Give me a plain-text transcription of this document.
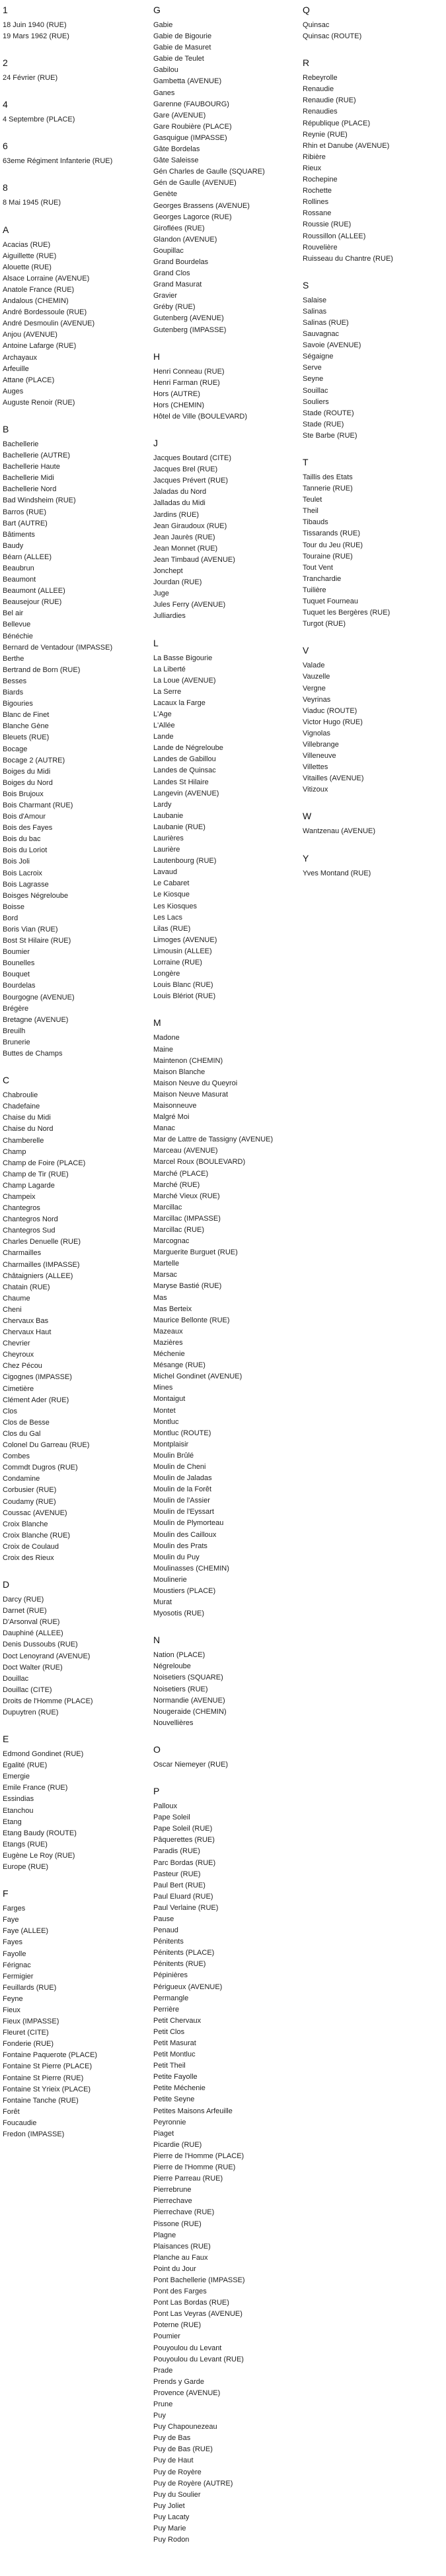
1
18 Juin 1940 (RUE)
19 Mars 1962 (RUE)
2
24 Février (RUE)
4
4 Septembre (PLACE)
6
63eme Régiment Infanterie (RUE)
8
8 Mai 1945 (RUE)
A
Acacias (RUE)
Aiguillette (RUE)
Alouette (RUE)
Alsace Lorraine (AVENUE)
Anatole France (RUE)
Andalous (CHEMIN)
André Bordessoule (RUE)
André Desmoulin (AVENUE)
Anjou (AVENUE)
Antoine Lafarge (RUE)
Archayaux
Arfeuille
Attane (PLACE)
Auges
Auguste Renoir (RUE)
B
Bachellerie
Bachellerie (AUTRE)
Bachellerie Haute
Bachellerie Midi
Bachellerie Nord
Bad Windsheim (RUE)
Barros (RUE)
Bart (AUTRE)
Bâtiments
Baudy
Béarn (ALLEE)
Beaubrun
Beaumont
Beaumont (ALLEE)
Beausejour (RUE)
Bel air
Bellevue
Bénéchie
Bernard de Ventadour (IMPASSE)
Berthe
Bertrand de Born (RUE)
Besses
Biards
Bigouries
Blanc de Finet
Blanche Gène
Bleuets (RUE)
Bocage
Bocage 2 (AUTRE)
Boiges du Midi
Boiges du Nord
Bois Brujoux
Bois Charmant (RUE)
Bois d'Amour
Bois des Fayes
Bois du bac
Bois du Loriot
Bois Joli
Bois Lacroix
Bois Lagrasse
Boisges Négreloube
Boisse
Bord
Boris Vian (RUE)
Bost St Hilaire (RUE)
Boumier
Bounelles
Bouquet
Bourdelas
Bourgogne (AVENUE)
Brégère
Bretagne (AVENUE)
Breuilh
Brunerie
Buttes de Champs
C
Chabroulie
Chadefaine
Chaise du Midi
Chaise du Nord
Chamberelle
Champ
Champ de Foire (PLACE)
Champ de Tir (RUE)
Champ Lagarde
Champeix
Chantegros
Chantegros Nord
Chantegros Sud
Charles Denuelle (RUE)
Charmailles
Charmailles (IMPASSE)
Châtaigniers (ALLEE)
Chatain (RUE)
Chaume
Cheni
Chervaux Bas
Chervaux Haut
Chevrier
Cheyroux
Chez Pécou
Cigognes (IMPASSE)
Cimetière
Clément Ader (RUE)
Clos
Clos de Besse
Clos du Gal
Colonel Du Garreau (RUE)
Combes
Commdt Dugros (RUE)
Condamine
Corbusier (RUE)
Coudamy (RUE)
Coussac (AVENUE)
Croix Blanche
Croix Blanche (RUE)
Croix de Coulaud
Croix des Rieux
D
Darcy (RUE)
Darnet (RUE)
D'Arsonval (RUE)
Dauphiné (ALLEE)
Denis Dussoubs (RUE)
Doct Lenoyrand (AVENUE)
Doct Walter (RUE)
Douillac
Douillac (CITE)
Droits de l'Homme (PLACE)
Dupuytren (RUE)
E
Edmond Gondinet (RUE)
Egalité (RUE)
Emergie
Emile France (RUE)
Essindias
Etanchou
Etang
Etang Baudy (ROUTE)
Etangs (RUE)
Eugène Le Roy (RUE)
Europe (RUE)
F
Farges
Faye
Faye (ALLEE)
Fayes
Fayolle
Férignac
Fermigier
Feuillards (RUE)
Feyne
Fieux
Fieux (IMPASSE)
Fleuret (CITE)
Fonderie (RUE)
Fontaine Paquerote (PLACE)
Fontaine St Pierre (PLACE)
Fontaine St Pierre (RUE)
Fontaine St Yrieix (PLACE)
Fontaine Tanche (RUE)
Forêt
Foucaudie
Fredon (IMPASSE)
G
Gabie
Gabie de Bigourie
Gabie de Masuret
Gabie de Teulet
Gabilou
Gambetta (AVENUE)
Ganes
Garenne (FAUBOURG)
Gare (AVENUE)
Gare Roubière (PLACE)
Gasquigue (IMPASSE)
Gâte Bordelas
Gâte Saleisse
Gén Charles de Gaulle (SQUARE)
Gén de Gaulle (AVENUE)
Genète
Georges Brassens (AVENUE)
Georges Lagorce (RUE)
Giroflées (RUE)
Glandon (AVENUE)
Goupillac
Grand Bourdelas
Grand Clos
Grand Masurat
Gravier
Gréby (RUE)
Gutenberg (AVENUE)
Gutenberg (IMPASSE)
H
Henri Conneau (RUE)
Henri Farman (RUE)
Hors (AUTRE)
Hors (CHEMIN)
Hôtel de Ville (BOULEVARD)
J
Jacques Boutard (CITE)
Jacques Brel (RUE)
Jacques Prévert (RUE)
Jaladas du Nord
Jalladas du Midi
Jardins (RUE)
Jean Giraudoux (RUE)
Jean Jaurès (RUE)
Jean Monnet (RUE)
Jean Timbaud (AVENUE)
Jonchept
Jourdan (RUE)
Juge
Jules Ferry (AVENUE)
Julliardies
L
La Basse Bigourie
La Liberté
La Loue (AVENUE)
La Serre
Lacaux la Farge
L'Age
L'Allée
Lande
Lande de Négreloube
Landes de Gabillou
Landes de Quinsac
Landes St Hilaire
Langevin (AVENUE)
Lardy
Laubanie
Laubanie (RUE)
Laurières
Laurière
Lautenbourg (RUE)
Lavaud
Le Cabaret
Le Kiosque
Les Kiosques
Les Lacs
Lilas (RUE)
Limoges (AVENUE)
Limousin (ALLEE)
Lorraine (RUE)
Longère
Louis Blanc (RUE)
Louis Blériot (RUE)
M
Madone
Maine
Maintenon (CHEMIN)
Maison Blanche
Maison Neuve du Queyroi
Maison Neuve Masurat
Maisonneuve
Malgré Moi
Manac
Mar de Lattre de Tassigny (AVENUE)
Marceau (AVENUE)
Marcel Roux (BOULEVARD)
Marché (PLACE)
Marché (RUE)
Marché Vieux (RUE)
Marcillac
Marcillac (IMPASSE)
Marcillac (RUE)
Marcognac
Marguerite Burguet (RUE)
Martelle
Marsac
Maryse Bastié (RUE)
Mas
Mas Berteix
Maurice Bellonte (RUE)
Mazeaux
Mazières
Méchenie
Mésange (RUE)
Michel Gondinet (AVENUE)
Mines
Montaigut
Montet
Montluc
Montluc (ROUTE)
Montplaisir
Moulin Brûlé
Moulin de Cheni
Moulin de Jaladas
Moulin de la Forêt
Moulin de l'Assier
Moulin de l'Eyssart
Moulin de Plymorteau
Moulin des Cailloux
Moulin des Prats
Moulin du Puy
Moulinasses (CHEMIN)
Moulinerie
Moustiers (PLACE)
Murat
Myosotis (RUE)
N
Nation (PLACE)
Négreloube
Noisetiers (SQUARE)
Noisetiers (RUE)
Normandie (AVENUE)
Nougeraide (CHEMIN)
Nouvellières
O
Oscar Niemeyer (RUE)
P
Palloux
Pape Soleil
Pape Soleil (RUE)
Pâquerettes (RUE)
Paradis (RUE)
Parc Bordas (RUE)
Pasteur (RUE)
Paul Bert (RUE)
Paul Eluard (RUE)
Paul Verlaine (RUE)
Pause
Penaud
Pénitents
Pénitents (PLACE)
Pénitents (RUE)
Pépinières
Périgueux (AVENUE)
Permangle
Perrière
Petit Chervaux
Petit Clos
Petit Masurat
Petit Montluc
Petit Theil
Petite Fayolle
Petite Méchenie
Petite Seyne
Petites Maisons Arfeuille
Peyronnie
Piaget
Picardie (RUE)
Pierre de l'Homme (PLACE)
Pierre de l'Homme (RUE)
Pierre Parreau (RUE)
Pierrebrune
Pierrechave
Pierrechave (RUE)
Pissone (RUE)
Plagne
Plaisances (RUE)
Planche au Faux
Point du Jour
Pont Bachellerie (IMPASSE)
Pont des Farges
Pont Las Bordas (RUE)
Pont Las Veyras (AVENUE)
Poterne (RUE)
Poumier
Pouyoulou du Levant
Pouyoulou du Levant (RUE)
Prade
Prends y Garde
Provence (AVENUE)
Prune
Puy
Puy Chapounezeau
Puy de Bas
Puy de Bas (RUE)
Puy de Haut
Puy de Royère
Puy de Royère (AUTRE)
Puy du Soulier
Puy Joliet
Puy Lacaty
Puy Marie
Puy Rodon
Q
Quinsac
Quinsac (ROUTE)
R
Rebeyrolle
Renaudie
Renaudie (RUE)
Renaudies
République (PLACE)
Reynie (RUE)
Rhin et Danube (AVENUE)
Ribière
Rieux
Rochepine
Rochette
Rollines
Rossane
Roussie (RUE)
Roussillon (ALLEE)
Rouvelière
Ruisseau du Chantre (RUE)
S
Salaise
Salinas
Salinas (RUE)
Sauvagnac
Savoie (AVENUE)
Ségaigne
Serve
Seyne
Souillac
Souliers
Stade (ROUTE)
Stade (RUE)
Ste Barbe (RUE)
T
Taillis des Etats
Tannerie (RUE)
Teulet
Theil
Tibauds
Tissarands (RUE)
Tour du Jeu (RUE)
Touraine (RUE)
Tout Vent
Tranchardie
Tuilière
Tuquet Fourneau
Tuquet les Bergères (RUE)
Turgot (RUE)
V
Valade
Vauzelle
Vergne
Veyrinas
Viaduc (ROUTE)
Victor Hugo (RUE)
Vignolas
Villebrange
Villeneuve
Villettes
Vitailles (AVENUE)
Vitizoux
W
Wantzenau (AVENUE)
Y
Yves Montand (RUE)
